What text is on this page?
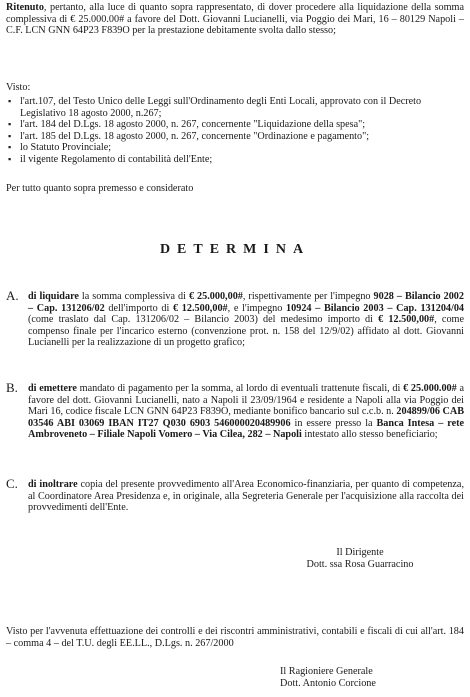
Ritenuto, pertanto, alla luce di quanto sopra rappresentato, di dover procedere alla liquidazione della somma complessiva di € 25.000.00# a favore del Dott. Giovanni Lucianelli, via Poggio dei Mari, 16 – 80129 Napoli – C.F. LCN GNN 64P23 F839O per la prestazione debitamente svolta dallo stesso;
Visto:
▪ l'art.107, del Testo Unico delle Leggi sull'Ordinamento degli Enti Locali, approvato con il Decreto Legislativo 18 agosto 2000, n.267;
▪ l'art. 184 del D.Lgs. 18 agosto 2000, n. 267, concernente "Liquidazione della spesa";
▪ l'art. 185 del D.Lgs. 18 agosto 2000, n. 267, concernente "Ordinazione e pagamento";
▪ lo Statuto Provinciale;
▪ il vigente Regolamento di contabilità dell'Ente;
Per tutto quanto sopra premesso e considerato
DETERMINA
A. di liquidare la somma complessiva di € 25.000,00#, rispettivamente per l'impegno 9028 – Bilancio 2002 – Cap. 131206/02 dell'importo di € 12.500,00#, e l'impegno 10924 – Bilancio 2003 – Cap. 131204/04 (come traslato dal Cap. 131206/02 – Bilancio 2003) del medesimo importo di € 12.500,00#, come compenso finale per l'incarico esterno (convenzione prot. n. 158 del 12/9/02) affidato al dott. Giovanni Lucianelli per la realizzazione di un progetto grafico;
B. di emettere mandato di pagamento per la somma, al lordo di eventuali trattenute fiscali, di € 25.000.00# a favore del dott. Giovanni Lucianelli, nato a Napoli il 23/09/1964 e residente a Napoli alla via Poggio dei Mari 16, codice fiscale LCN GNN 64P23 F839O, mediante bonifico bancario sul c.c.b. n. 204899/06 CAB 03546 ABI 03069 IBAN IT27 Q030 6903 546000020489906 in essere presso la Banca Intesa – rete Ambroveneto – Filiale Napoli Vomero – Via Cilea, 282 – Napoli intestato allo stesso beneficiario;
C. di inoltrare copia del presente provvedimento all'Area Economico-finanziaria, per quanto di competenza, al Coordinatore Area Presidenza e, in originale, alla Segreteria Generale per l'acquisizione alla raccolta dei provvedimenti dell'Ente.
Il Dirigente
Dott. ssa Rosa Guarracino
Visto per l'avvenuta effettuazione dei controlli e dei riscontri amministrativi, contabili e fiscali di cui all'art. 184 – comma 4 – del T.U. degli EE.LL., D.Lgs. n. 267/2000
Il Ragioniere Generale
Dott. Antonio Corcione
